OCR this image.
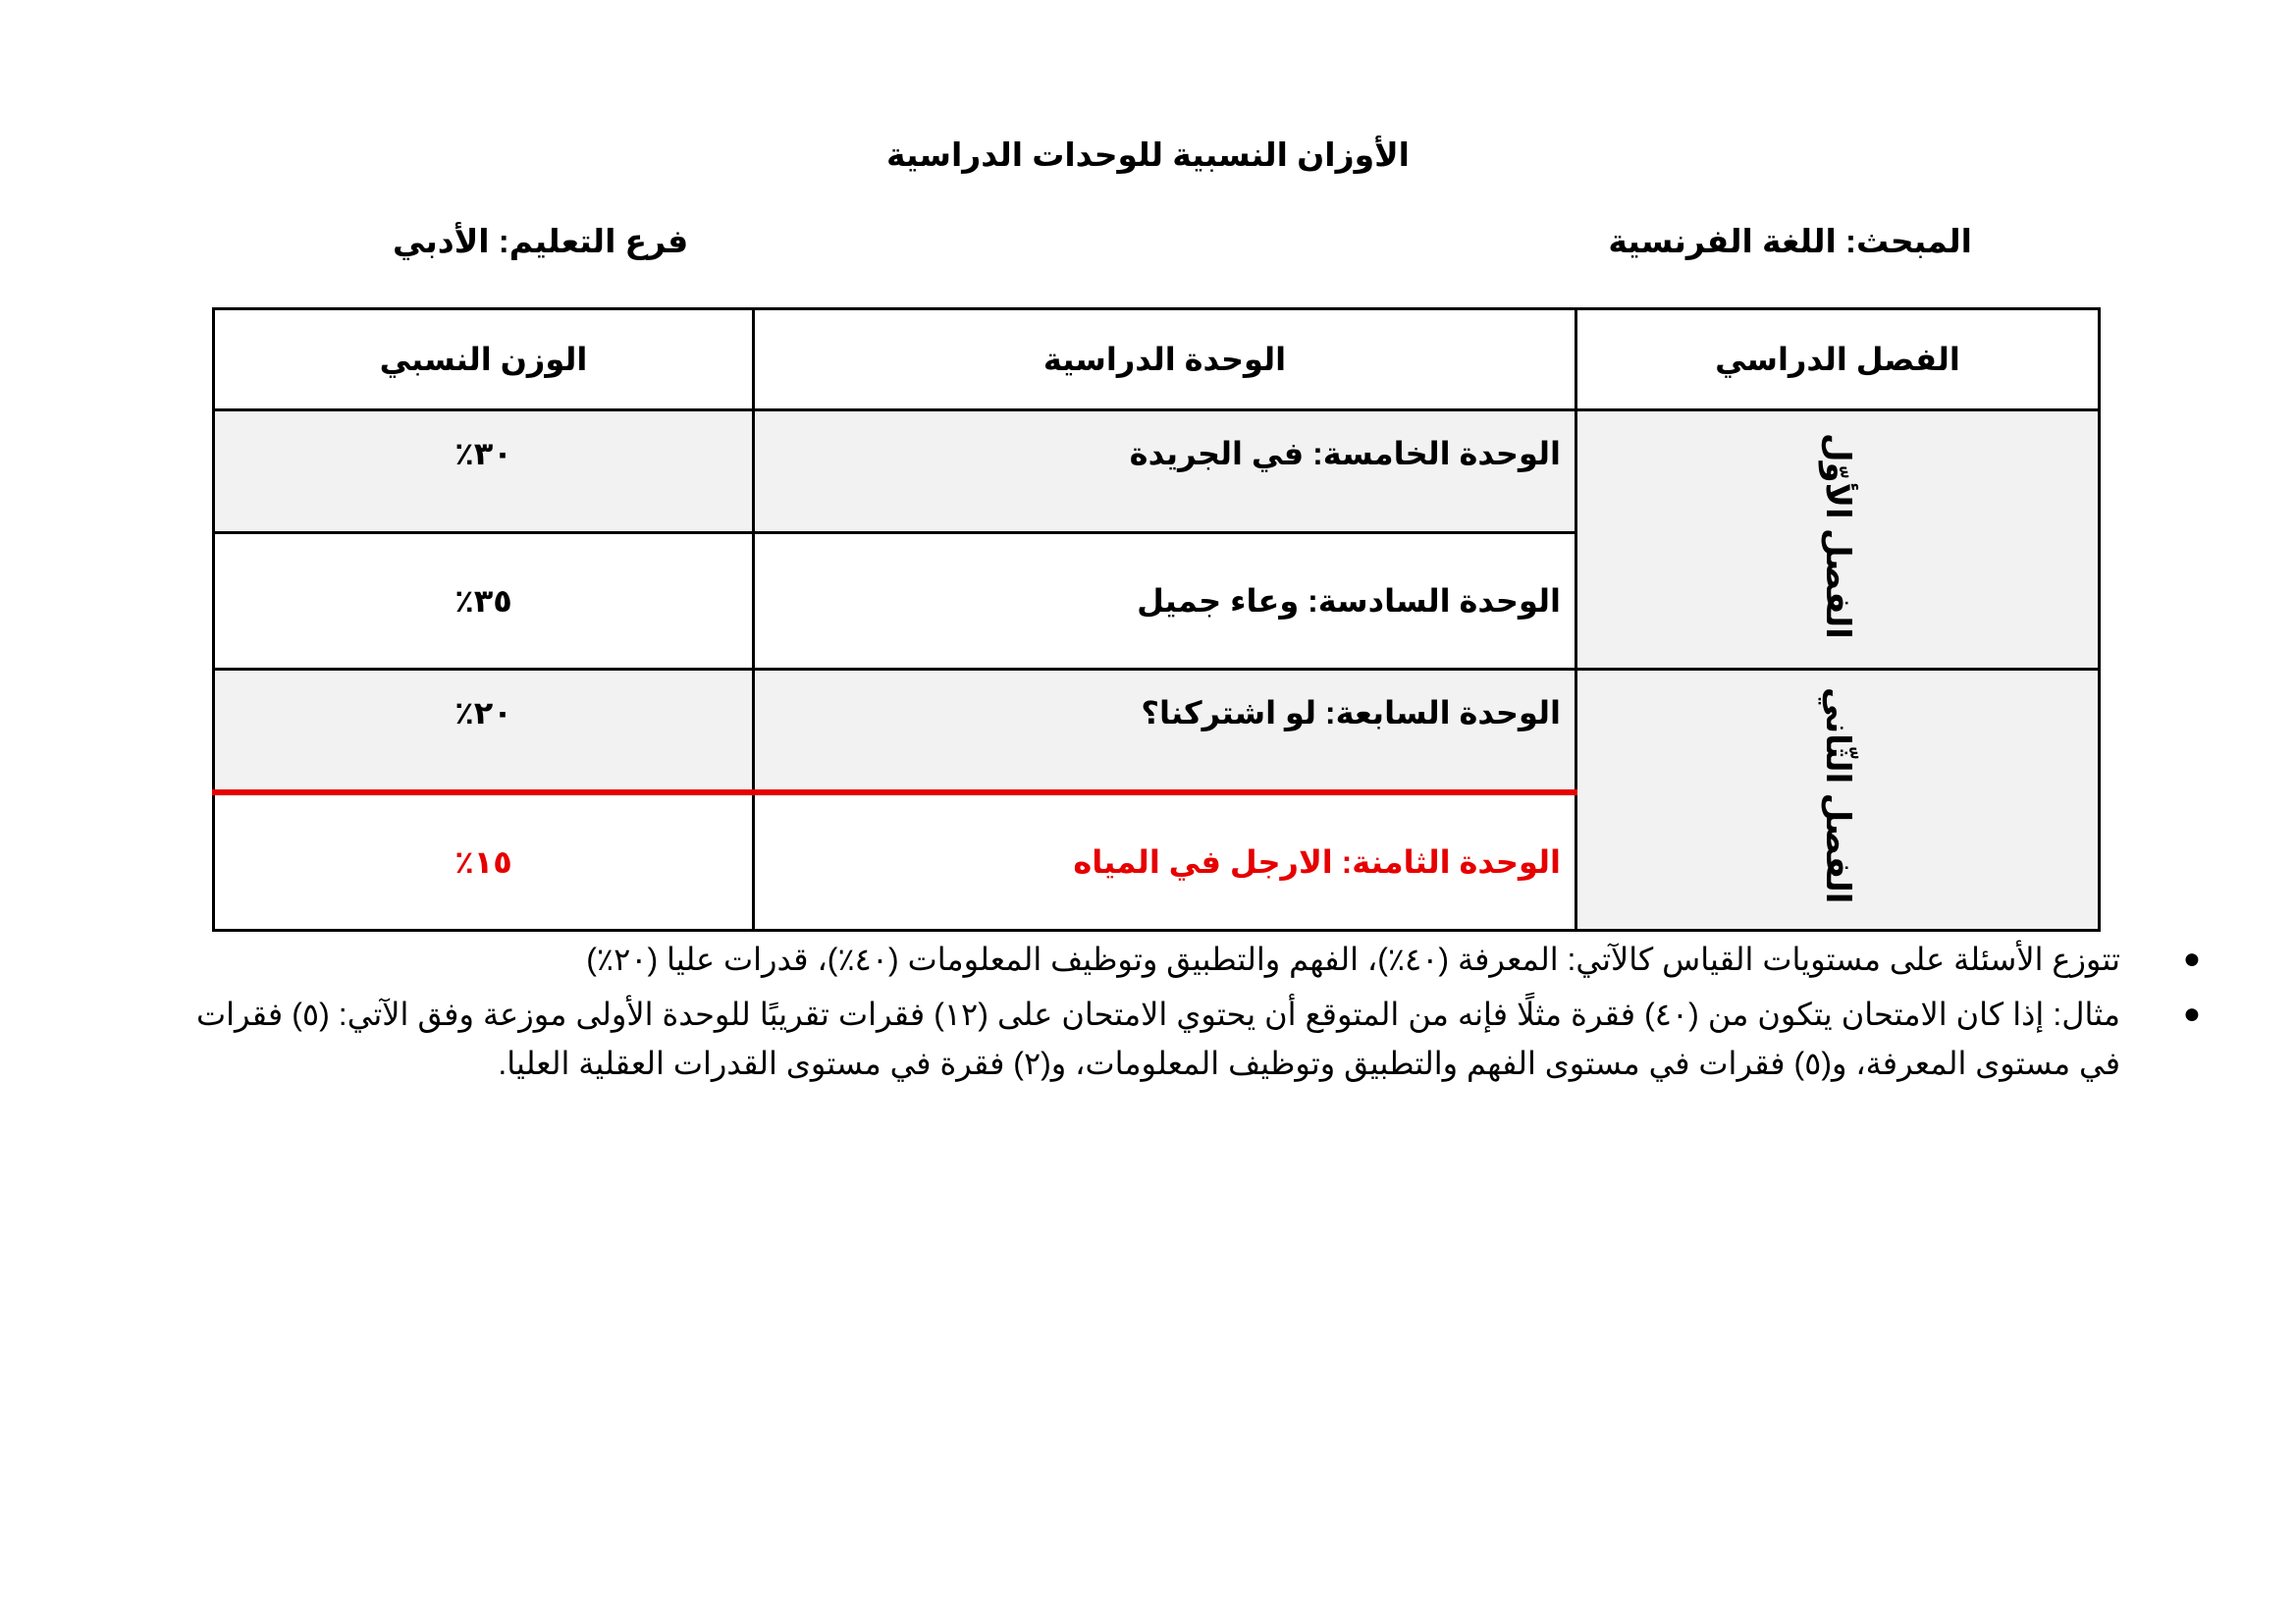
الأوزان النسبية للوحدات الدراسية
المبحث: اللغة الفرنسية
فرع التعليم: الأدبي
الفصل الدراسي	الوحدة الدراسية	الوزن النسبي
الفصل الأوّل	الوحدة الخامسة: في الجريدة	٣٠٪
	الوحدة السادسة: وعاء جميل	٣٥٪
الفصل الثّاني	الوحدة السابعة: لو اشتركنا؟	٢٠٪
	الوحدة الثامنة: الارجل في المياه	١٥٪
●
تتوزع الأسئلة على مستويات القياس كالآتي: المعرفة (٤٠٪)، الفهم والتطبيق وتوظيف المعلومات (٤٠٪)، قدرات عليا (٢٠٪)
●
مثال: إذا كان الامتحان يتكون من (٤٠) فقرة مثلًا فإنه من المتوقع أن يحتوي الامتحان على (١٢) فقرات تقريبًا للوحدة الأولى موزعة وفق الآتي: (٥) فقرات في مستوى المعرفة، و(٥) فقرات في مستوى الفهم والتطبيق وتوظيف المعلومات، و(٢) فقرة في مستوى القدرات العقلية العليا.
